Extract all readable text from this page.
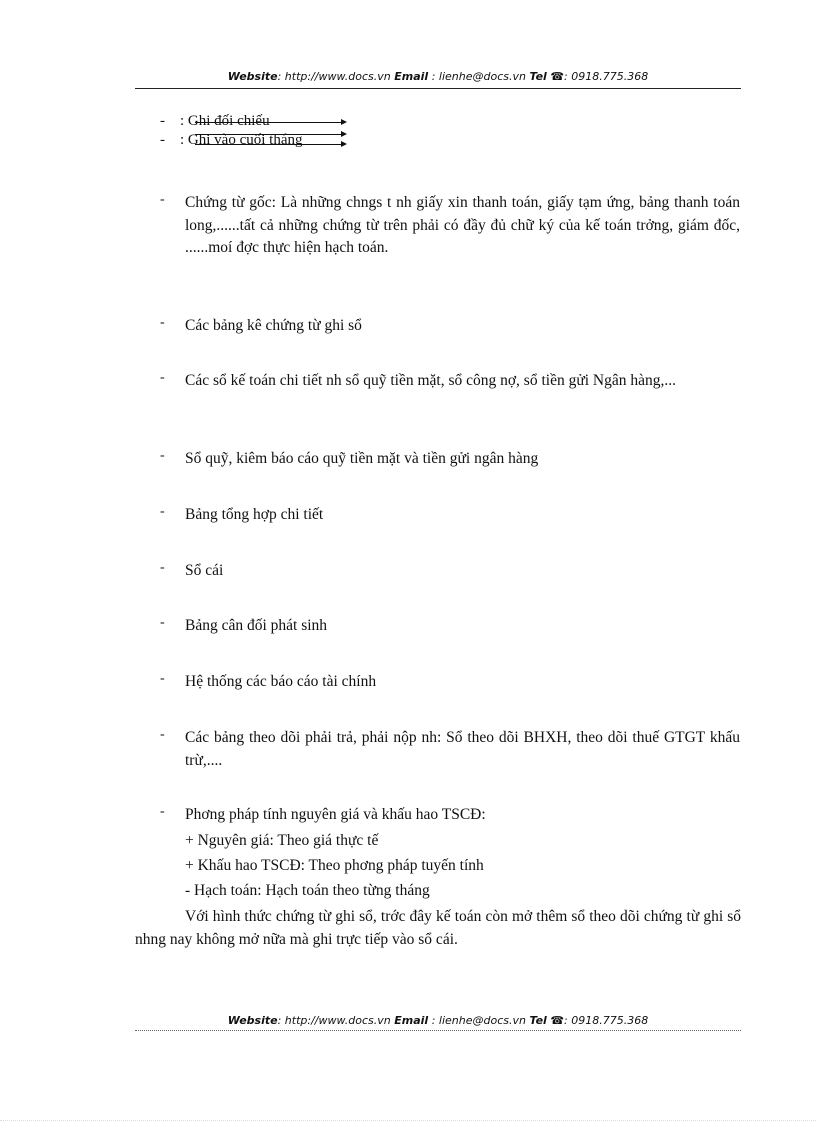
Website: http://www.docs.vn Email : lienhe@docs.vn Tel ☎: 0918.775.368
- : Ghi đối chiếu
- : Ghi vào cuối tháng
- Chứng từ gốc: Là những chngs t nh giấy xin thanh toán, giấy tạm ứng, bảng thanh toán long,......tất cả những chứng từ trên phải có đầy đủ chữ ký của kế toán trởng, giám đốc, ......moí đợc thực hiện hạch toán.
- Các bảng kê chứng từ ghi sổ
- Các sổ kế toán chi tiết nh sổ quỹ tiền mặt, sổ công nợ, sổ tiền gửi Ngân hàng,...
- Sổ quỹ, kiêm báo cáo quỹ tiền mặt và tiền gửi ngân hàng
- Bảng tổng hợp chi tiết
- Sổ cái
- Bảng cân đối phát sinh
- Hệ thống các báo cáo tài chính
- Các bảng theo dõi phải trả, phải nộp nh: Sổ theo dõi BHXH, theo dõi thuế GTGT khấu trừ,....
- Phơng pháp tính nguyên giá và khấu hao TSCĐ:
+ Nguyên giá: Theo giá thực tế
+ Khấu hao TSCĐ: Theo phơng pháp tuyến tính
- Hạch toán: Hạch toán theo từng tháng
Với hình thức chứng từ ghi sổ, trớc đây kế toán còn mở thêm sổ theo dõi chứng từ ghi sổ nhng nay không mở nữa mà ghi trực tiếp vào sổ cái.
Website: http://www.docs.vn Email : lienhe@docs.vn Tel ☎: 0918.775.368
